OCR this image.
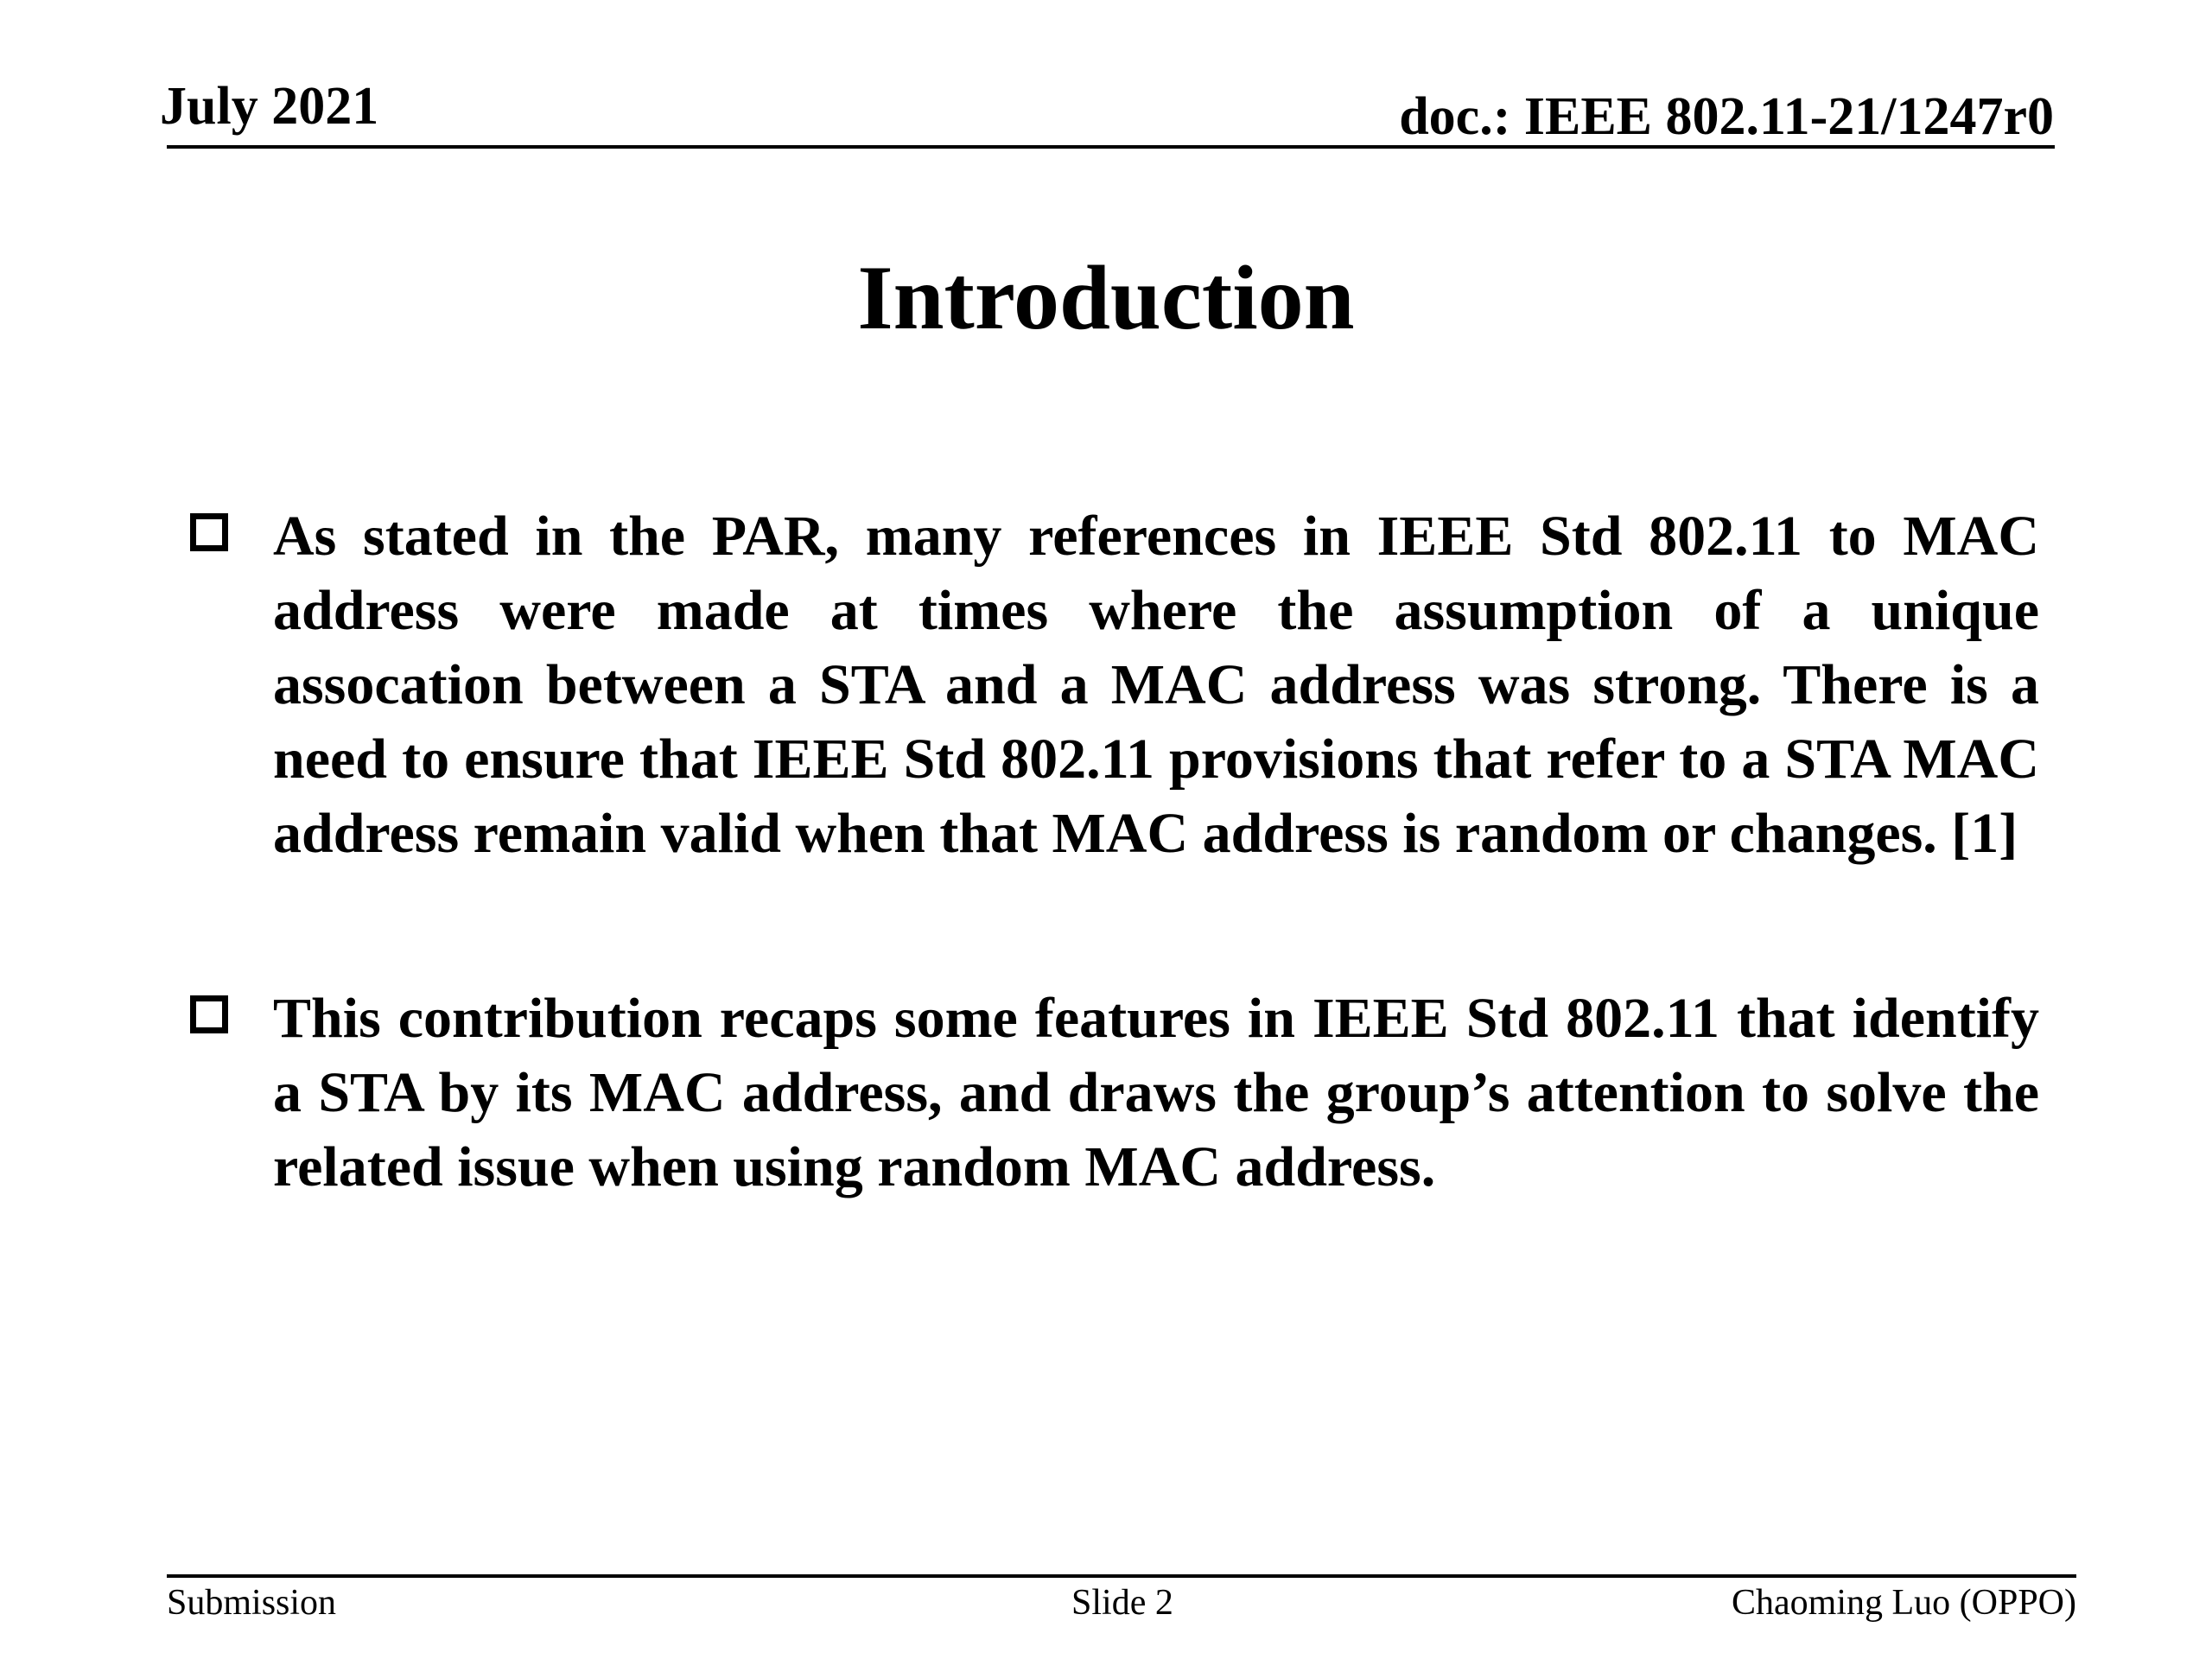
July 2021	doc.: IEEE 802.11-21/1247r0
Introduction
As stated in the PAR, many references in IEEE Std 802.11 to MAC address were made at times where the assumption of a unique assocation between a STA and a MAC address was strong. There is a need to ensure that IEEE Std 802.11 provisions that refer to a STA MAC address remain valid when that MAC address is random or changes. [1]
This contribution recaps some features in IEEE Std 802.11 that identify a STA by its MAC address, and draws the group’s attention to solve the related issue when using random MAC address.
Submission	Slide 2	Chaoming Luo (OPPO)
